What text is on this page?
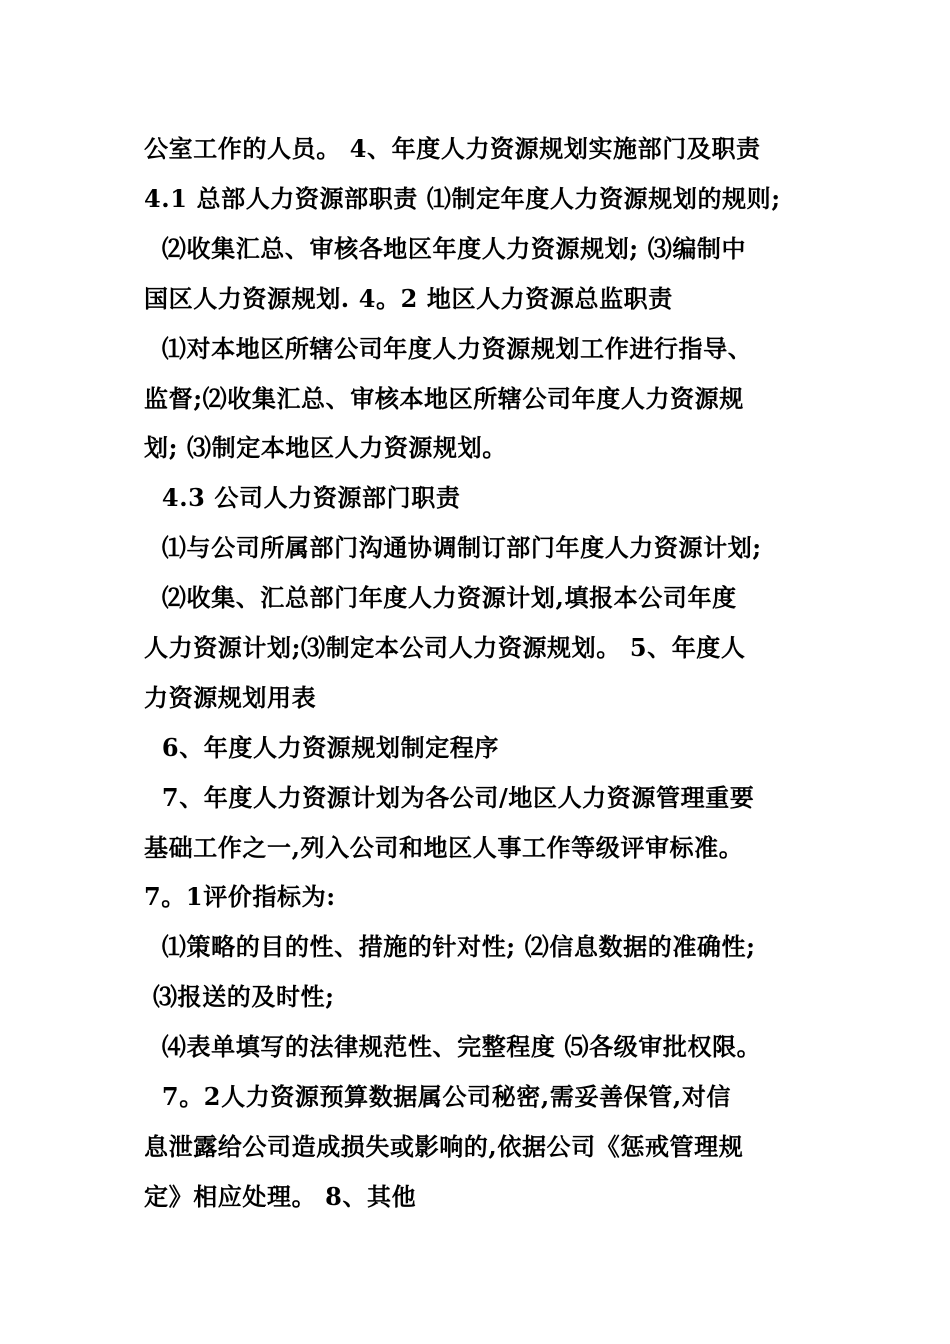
公室工作的人员。 4、年度人力资源规划实施部门及职责
4.1 总部人力资源部职责 ⑴制定年度人力资源规划的规则;
⑵收集汇总、审核各地区年度人力资源规划; ⑶编制中
国区人力资源规划. 4。2 地区人力资源总监职责
⑴对本地区所辖公司年度人力资源规划工作进行指导、
监督;⑵收集汇总、审核本地区所辖公司年度人力资源规
划; ⑶制定本地区人力资源规划。
4.3 公司人力资源部门职责
⑴与公司所属部门沟通协调制订部门年度人力资源计划;
⑵收集、汇总部门年度人力资源计划,填报本公司年度
人力资源计划;⑶制定本公司人力资源规划。 5、年度人
力资源规划用表
6、年度人力资源规划制定程序
7、年度人力资源计划为各公司/地区人力资源管理重要
基础工作之一,列入公司和地区人事工作等级评审标准。
7。1评价指标为:
⑴策略的目的性、措施的针对性; ⑵信息数据的准确性;
⑶报送的及时性;
⑷表单填写的法律规范性、完整程度 ⑸各级审批权限。
7。2人力资源预算数据属公司秘密,需妥善保管,对信
息泄露给公司造成损失或影响的,依据公司《惩戒管理规
定》相应处理。 8、其他
